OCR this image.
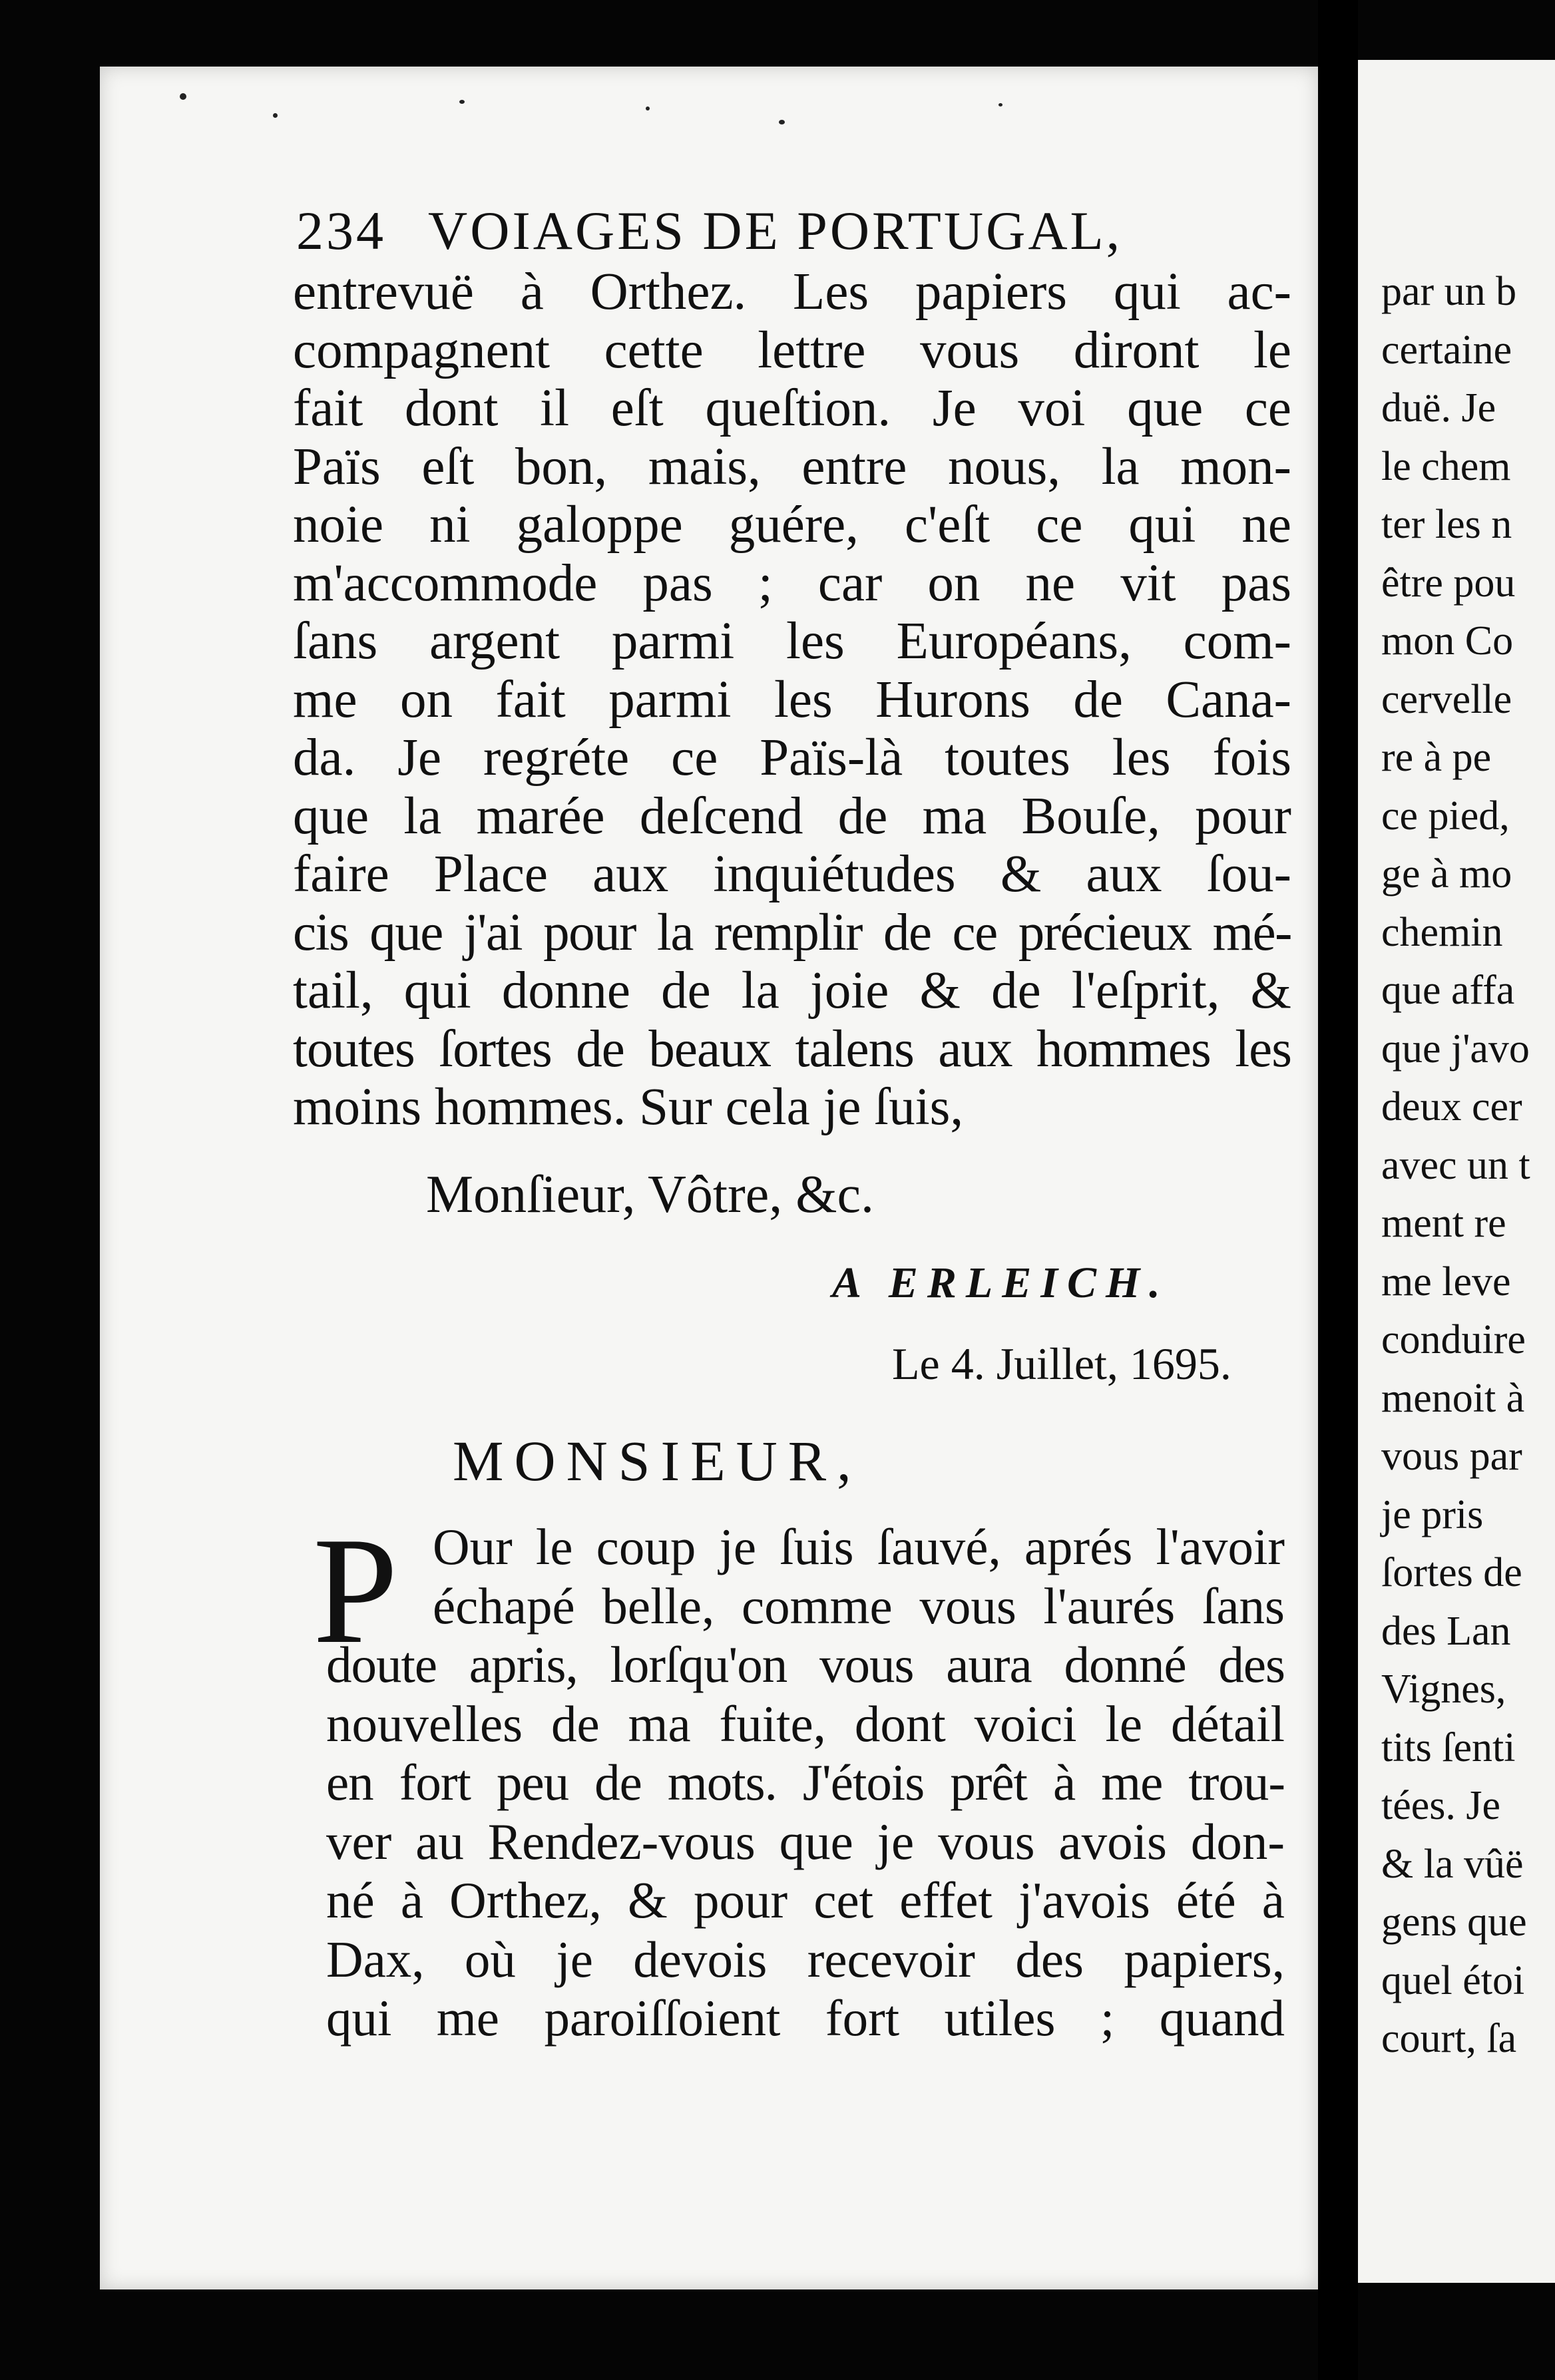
234 VOIAGES DE PORTUGAL,
entrevuë à Orthez. Les papiers qui ac-
compagnent cette lettre vous diront le
fait dont il eſt queſtion. Je voi que ce
Païs eſt bon, mais, entre nous, la mon-
noie ni galoppe guére, c'eſt ce qui ne
m'accommode pas ; car on ne vit pas
ſans argent parmi les Européans, com-
me on fait parmi les Hurons de Cana-
da. Je regréte ce Païs-là toutes les fois
que la marée deſcend de ma Bouſe, pour
faire Place aux inquiétudes & aux ſou-
cis que j'ai pour la remplir de ce précieux mé-
tail, qui donne de la joie & de l'eſprit, &
toutes ſortes de beaux talens aux hommes les
moins hommes. Sur cela je ſuis,
Monſieur, Vôtre, &c.
A ERLEICH.
Le 4. Juillet, 1695.
MONSIEUR,
P Our le coup je ſuis ſauvé, aprés l'avoir
échapé belle, comme vous l'aurés ſans
doute apris, lorſqu'on vous aura donné des
nouvelles de ma fuite, dont voici le détail
en fort peu de mots. J'étois prêt à me trou-
ver au Rendez-vous que je vous avois don-
né à Orthez, & pour cet effet j'avois été à
Dax, où je devois recevoir des papiers,
qui me paroiſſoient fort utiles ; quand
par un b
certaine
duë. Je
le chem
ter les n
être pou
mon Co
cervelle
re à pe
ce pied,
ge à mo
chemin
que affa
que j'avo
deux cer
avec un t
ment re
me leve
conduire
menoit à
vous par
je pris
ſortes de
des Lan
Vignes,
tits ſenti
tées. Je
& la vûë
gens que
quel étoi
court, ſa
